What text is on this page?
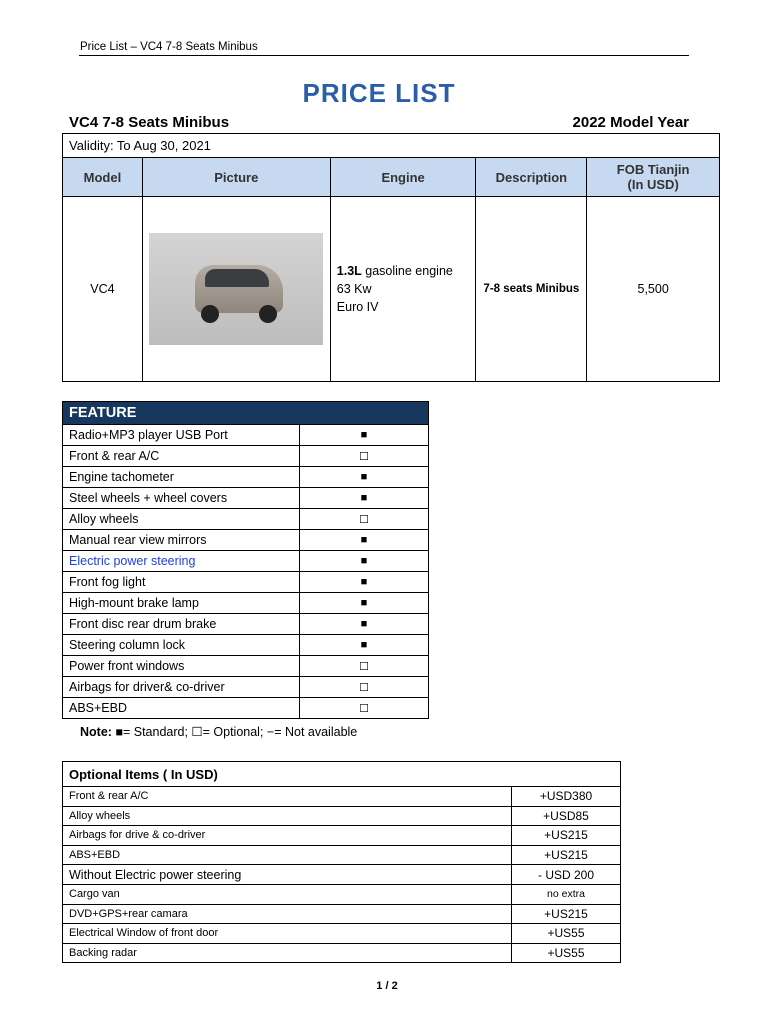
Price List – VC4 7-8 Seats Minibus
PRICE LIST
VC4 7-8 Seats Minibus	2022 Model Year
Validity: To Aug 30, 2021				
Model	Picture	Engine	Description	FOB Tianjin
(In USD)

VC4		1.3L gasoline engine
63 Kw
Euro IV	7-8 seats Minibus	5,500
FEATURE	
Radio+MP3 player USB Port	■
Front & rear A/C	☐
Engine tachometer	■
Steel wheels + wheel covers	■
Alloy wheels	☐
Manual rear view mirrors	■
Electric power steering	■
Front fog light	■
High-mount brake lamp	■
Front disc rear drum brake	■
Steering column lock	■
Power front windows	☐
Airbags for driver& co-driver	☐
ABS+EBD	☐
Note: ■= Standard; ☐= Optional; −= Not available
Optional Items ( In USD)	
Front & rear A/C	+USD380
Alloy wheels	+USD85
Airbags for drive & co-driver	+US215
ABS+EBD	+US215
Without Electric power steering	- USD 200
Cargo van	no extra
DVD+GPS+rear camara	+US215
Electrical Window of front door	+US55
Backing radar	+US55
1 / 2
